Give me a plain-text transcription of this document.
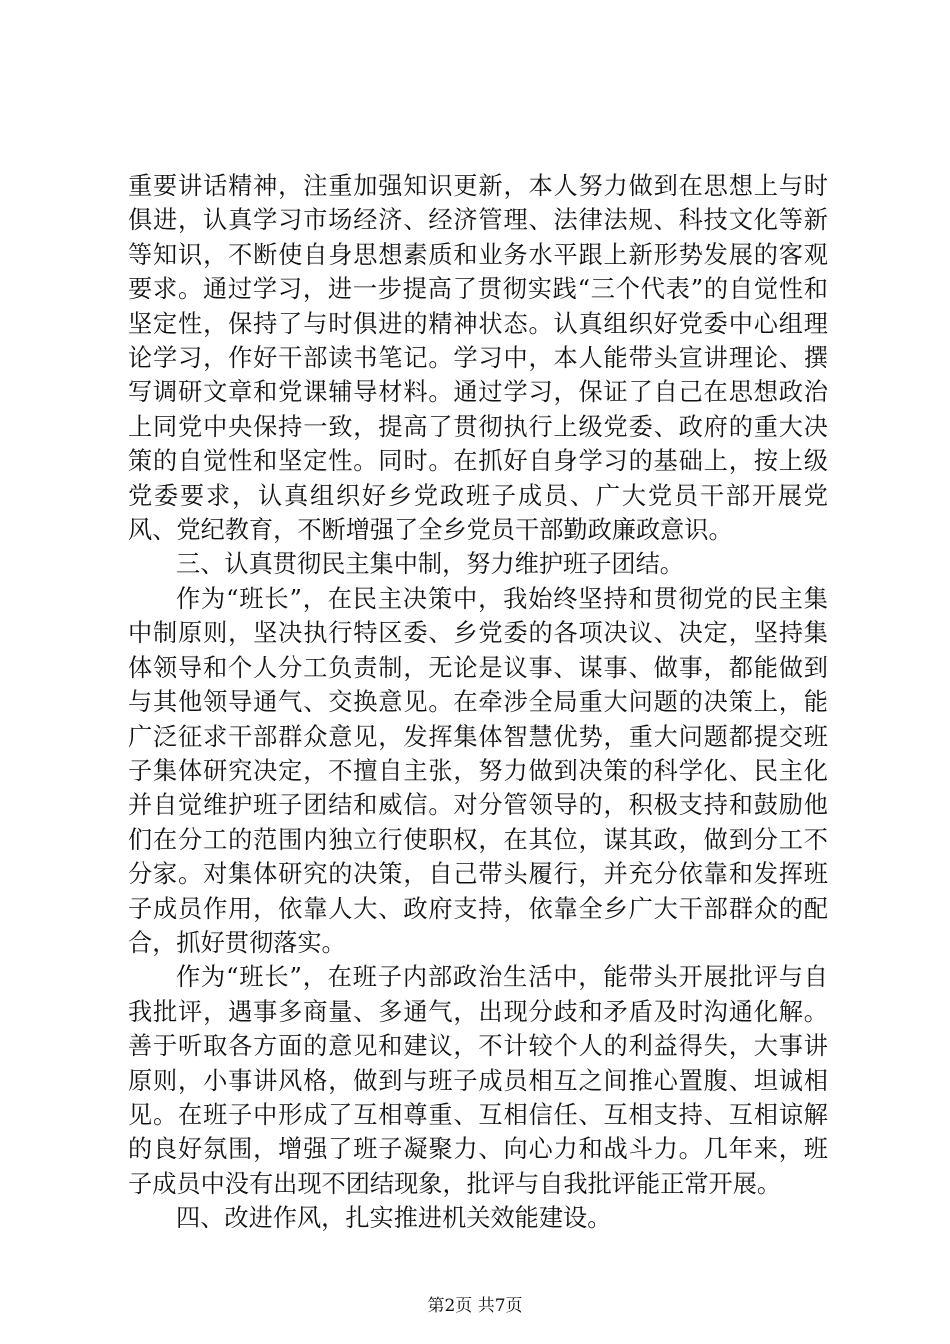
重要讲话精神，注重加强知识更新，本人努力做到在思想上与时俱进，认真学习市场经济、经济管理、法律法规、科技文化等新等知识，不断使自身思想素质和业务水平跟上新形势发展的客观要求。通过学习，进一步提高了贯彻实践“三个代表”的自觉性和坚定性，保持了与时俱进的精神状态。认真组织好党委中心组理论学习，作好干部读书笔记。学习中，本人能带头宣讲理论、撰写调研文章和党课辅导材料。通过学习，保证了自己在思想政治上同党中央保持一致，提高了贯彻执行上级党委、政府的重大决策的自觉性和坚定性。同时。在抓好自身学习的基础上，按上级党委要求，认真组织好乡党政班子成员、广大党员干部开展党风、党纪教育，不断增强了全乡党员干部勤政廉政意识。

三、认真贯彻民主集中制，努力维护班子团结。

作为“班长”，在民主决策中，我始终坚持和贯彻党的民主集中制原则，坚决执行特区委、乡党委的各项决议、决定，坚持集体领导和个人分工负责制，无论是议事、谋事、做事，都能做到与其他领导通气、交换意见。在牵涉全局重大问题的决策上，能广泛征求干部群众意见，发挥集体智慧优势，重大问题都提交班子集体研究决定，不擅自主张，努力做到决策的科学化、民主化并自觉维护班子团结和威信。对分管领导的，积极支持和鼓励他们在分工的范围内独立行使职权，在其位，谋其政，做到分工不分家。对集体研究的决策，自己带头履行，并充分依靠和发挥班子成员作用，依靠人大、政府支持，依靠全乡广大干部群众的配合，抓好贯彻落实。

作为“班长”，在班子内部政治生活中，能带头开展批评与自我批评，遇事多商量、多通气，出现分歧和矛盾及时沟通化解。善于听取各方面的意见和建议，不计较个人的利益得失，大事讲原则，小事讲风格，做到与班子成员相互之间推心置腹、坦诚相见。在班子中形成了互相尊重、互相信任、互相支持、互相谅解的良好氛围，增强了班子凝聚力、向心力和战斗力。几年来，班子成员中没有出现不团结现象，批评与自我批评能正常开展。

四、改进作风，扎实推进机关效能建设。

第2页 共7页
